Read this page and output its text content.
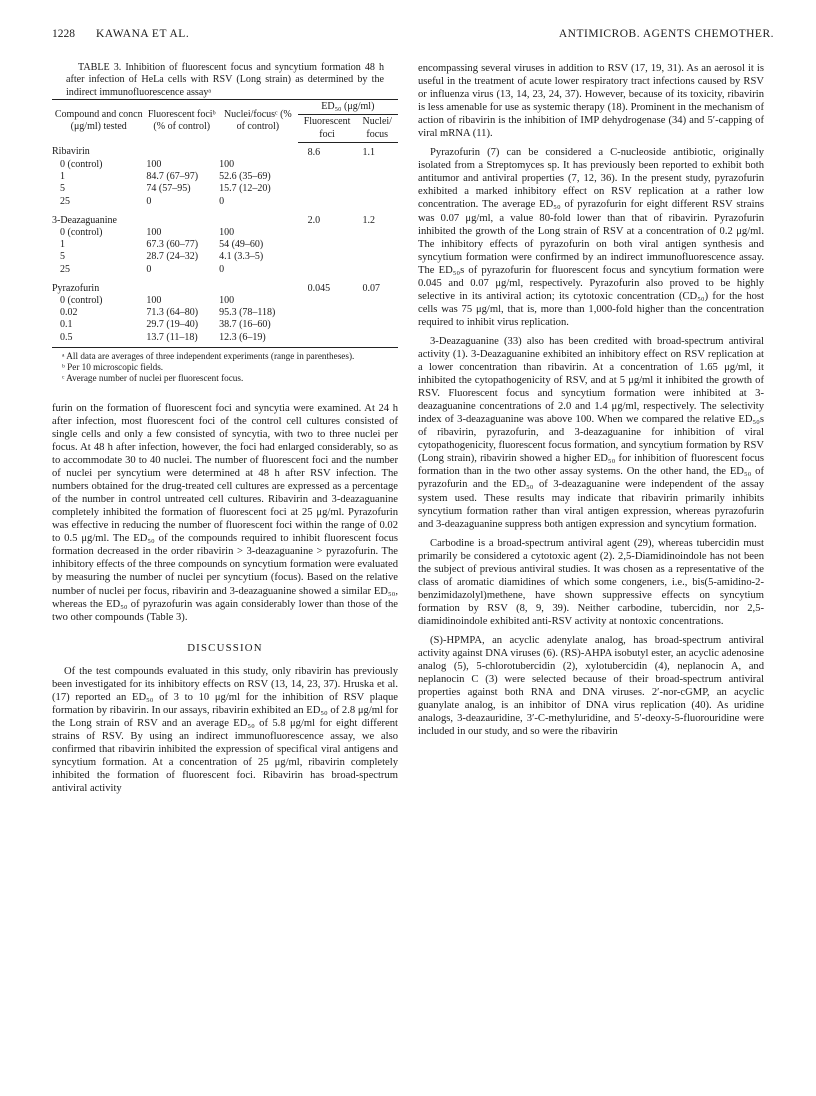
1228 KAWANA ET AL.	ANTIMICROB. AGENTS CHEMOTHER.

TABLE 3. Inhibition of fluorescent focus and syncytium formation 48 h after infection of HeLa cells with RSV (Long strain) as determined by the indirect immunofluorescence assayᵃ

Compound and concn (μg/ml) tested	Fluorescent fociᵇ (% of control)	Nuclei/focusᶜ (% of control)	ED₅₀ (μg/ml)	
			Fluorescent foci	Nuclei/ focus
Ribavirin			8.6	1.1
0 (control)	100	100		
1	84.7 (67–97)	52.6 (35–69)		
5	74 (57–95)	15.7 (12–20)		
25	0	0		
3-Deazaguanine			2.0	1.2
0 (control)	100	100		
1	67.3 (60–77)	54 (49–60)		
5	28.7 (24–32)	4.1 (3.3–5)		
25	0	0		
Pyrazofurin			0.045	0.07
0 (control)	100	100		
0.02	71.3 (64–80)	95.3 (78–118)		
0.1	29.7 (19–40)	38.7 (16–60)		
0.5	13.7 (11–18)	12.3 (6–19)		
ᵃ All data are averages of three independent experiments (range in parentheses).
ᵇ Per 10 microscopic fields.
ᶜ Average number of nuclei per fluorescent focus.

furin on the formation of fluorescent foci and syncytia were examined. At 24 h after infection, most fluorescent foci of the control cell cultures consisted of single cells and only a few consisted of syncytia, with two to three nuclei per focus. At 48 h after infection, however, the foci had enlarged considerably, so as to accommodate 30 to 40 nuclei. The number of fluorescent foci and the number of nuclei per syncytium were determined at 48 h after RSV infection. The numbers obtained for the drug-treated cell cultures are expressed as a percentage of the number in control untreated cell cultures. Ribavirin and 3-deazaguanine completely inhibited the formation of fluorescent foci at 25 μg/ml. Pyrazofurin was effective in reducing the number of fluorescent foci within the range of 0.02 to 0.5 μg/ml. The ED₅₀ of the compounds required to inhibit fluorescent focus formation decreased in the order ribavirin > 3-deazaguanine > pyrazofurin. The inhibitory effects of the three compounds on syncytium formation were evaluated by measuring the number of nuclei per syncytium (focus). Based on the relative number of nuclei per focus, ribavirin and 3-deazaguanine showed a similar ED₅₀, whereas the ED₅₀ of pyrazofurin was again considerably lower than those of the two other compounds (Table 3).

DISCUSSION

Of the test compounds evaluated in this study, only ribavirin has previously been investigated for its inhibitory effects on RSV (13, 14, 23, 37). Hruska et al. (17) reported an ED₅₀ of 3 to 10 μg/ml for the inhibition of RSV plaque formation by ribavirin. In our assays, ribavirin exhibited an ED₅₀ of 2.8 μg/ml for the Long strain of RSV and an average ED₅₀ of 5.8 μg/ml for eight different strains of RSV. By using an indirect immunofluorescence assay, we also confirmed that ribavirin inhibited the expression of specifical viral antigens and syncytium formation. At a concentration of 25 μg/ml, ribavirin completely inhibited the formation of fluorescent foci. Ribavirin has broad-spectrum antiviral activity

encompassing several viruses in addition to RSV (17, 19, 31). As an aerosol it is useful in the treatment of acute lower respiratory tract infections caused by RSV or influenza virus (13, 14, 23, 24, 37). However, because of its toxicity, ribavirin is less amenable for use as systemic therapy (18). Prominent in the mechanism of action of ribavirin is the inhibition of IMP dehydrogenase (34) and 5′-capping of viral mRNA (11).

Pyrazofurin (7) can be considered a C-nucleoside antibiotic, originally isolated from a Streptomyces sp. It has previously been reported to exhibit both antitumor and antiviral properties (7, 12, 36). In the present study, pyrazofurin exhibited a marked inhibitory effect on RSV replication at a rather low concentration. The average ED₅₀ of pyrazofurin for eight different RSV strains was 0.07 μg/ml, a value 80-fold lower than that of ribavirin. Pyrazofurin inhibited the growth of the Long strain of RSV at a concentration of 0.2 μg/ml. The inhibitory effects of pyrazofurin on both viral antigen synthesis and syncytium formation were confirmed by an indirect immunofluorescence assay. The ED₅₀s of pyrazofurin for fluorescent focus and syncytium formation were 0.045 and 0.07 μg/ml, respectively. Pyrazofurin also proved to be highly selective in its antiviral action; its cytotoxic concentration (CD₅₀) for the host cells was 75 μg/ml, that is, more than 1,000-fold higher than the concentration required to inhibit virus replication.

3-Deazaguanine (33) also has been credited with broad-spectrum antiviral activity (1). 3-Deazaguanine exhibited an inhibitory effect on RSV replication at a lower concentration than ribavirin. At a concentration of 1.65 μg/ml, it inhibited the cytopathogenicity of RSV, and at 5 μg/ml it inhibited the growth of RSV. Fluorescent focus and syncytium formation were inhibited at 3-deazaguanine concentrations of 2.0 and 1.4 μg/ml, respectively. The selectivity index of 3-deazaguanine was above 100. When we compared the relative ED₅₀s of ribavirin, pyrazofurin, and 3-deazaguanine for inhibition of viral cytopathogenicity, fluorescent focus formation, and syncytium formation by RSV (Long strain), ribavirin showed a higher ED₅₀ for inhibition of fluorescent focus formation than in the two other assay systems. On the other hand, the ED₅₀ of pyrazofurin and the ED₅₀ of 3-deazaguanine were independent of the assay system used. These results may indicate that ribavirin primarily inhibits syncytium formation rather than viral antigen expression, whereas pyrazofurin and 3-deazaguanine suppress both antigen expression and syncytium formation.

Carbodine is a broad-spectrum antiviral agent (29), whereas tubercidin must primarily be considered a cytotoxic agent (2). 2,5-Diamidinoindole has not been the subject of previous antiviral studies. It was chosen as a representative of the class of aromatic diamidines of which some congeners, i.e., bis(5-amidino-2-benzimidazolyl)methene, have shown suppressive effects on syncytium formation by RSV (8, 9, 39). Neither carbodine, tubercidin, nor 2,5-diamidinoindole exhibited anti-RSV activity at nontoxic concentrations.

(S)-HPMPA, an acyclic adenylate analog, has broad-spectrum antiviral activity against DNA viruses (6). (RS)-AHPA isobutyl ester, an acyclic adenosine analog (5), 5-chlorotubercidin (2), xylotubercidin (4), neplanocin A, and neplanocin C (3) were selected because of their broad-spectrum antiviral properties against both RNA and DNA viruses. 2′-nor-cGMP, an acyclic guanylate analog, is an inhibitor of DNA virus replication (40). As uridine analogs, 3-deazauridine, 3′-C-methyluridine, and 5′-deoxy-5-fluorouridine were included in our study, and so were the ribavirin
